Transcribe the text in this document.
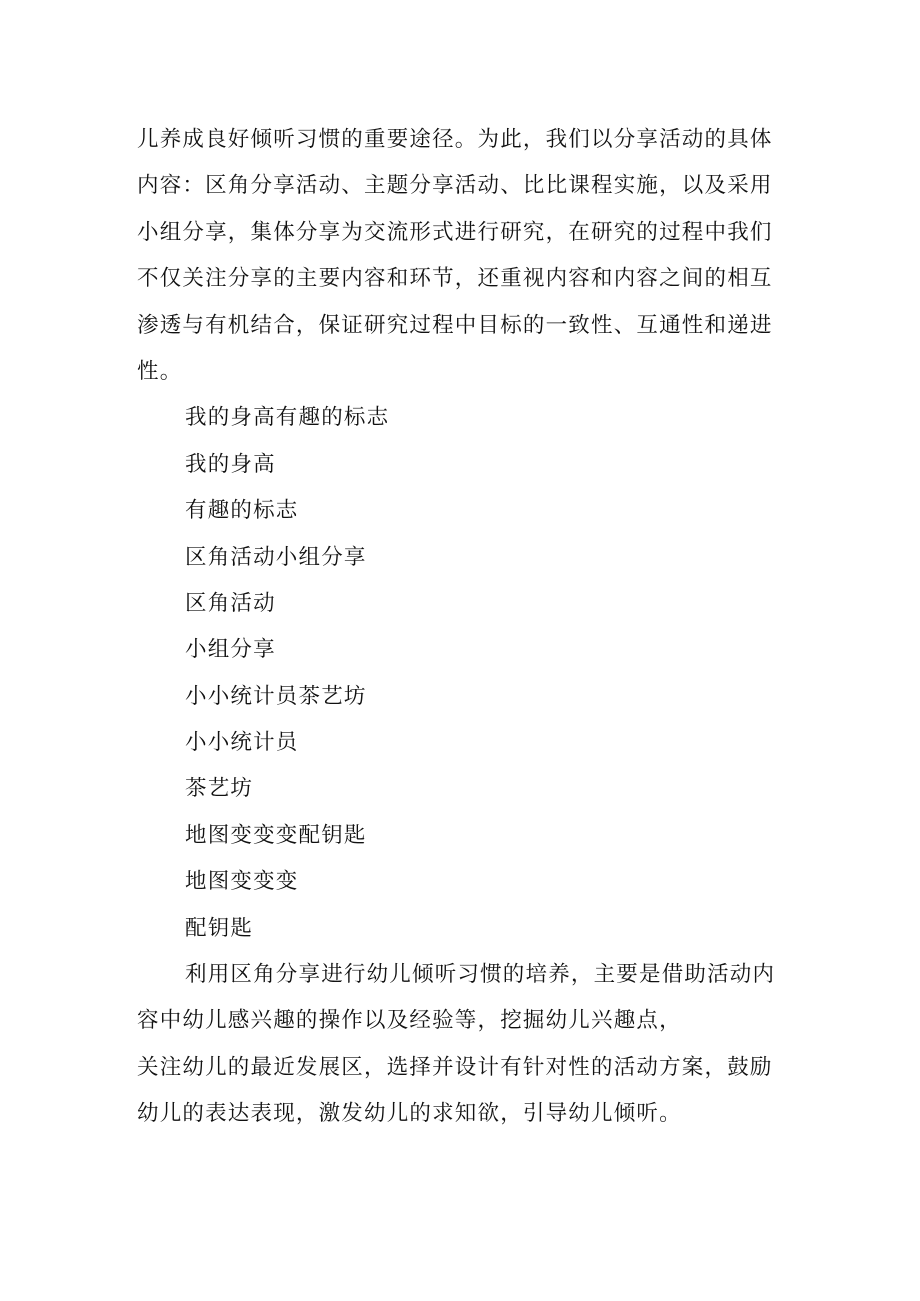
儿养成良好倾听习惯的重要途径。为此，我们以分享活动的具体
内容：区角分享活动、主题分享活动、比比课程实施，以及采用
小组分享，集体分享为交流形式进行研究，在研究的过程中我们
不仅关注分享的主要内容和环节，还重视内容和内容之间的相互
渗透与有机结合，保证研究过程中目标的一致性、互通性和递进
性。
我的身高有趣的标志
我的身高
有趣的标志
区角活动小组分享
区角活动
小组分享
小小统计员茶艺坊
小小统计员
茶艺坊
地图变变变配钥匙
地图变变变
配钥匙
利用区角分享进行幼儿倾听习惯的培养，主要是借助活动内
容中幼儿感兴趣的操作以及经验等，挖掘幼儿兴趣点，
关注幼儿的最近发展区，选择并设计有针对性的活动方案，鼓励
幼儿的表达表现，激发幼儿的求知欲，引导幼儿倾听。
